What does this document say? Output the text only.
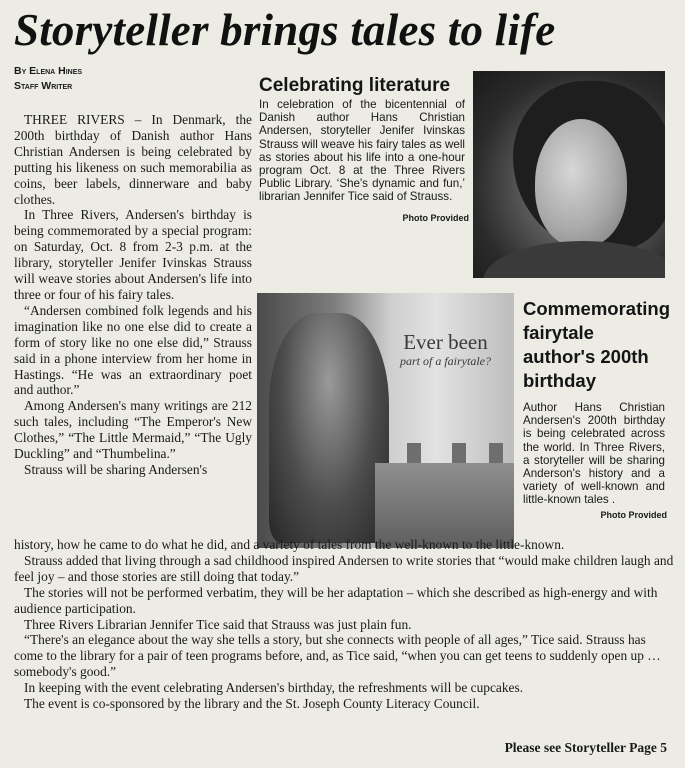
Storyteller brings tales to life
By Elena Hines
Staff Writer

THREE RIVERS – In Denmark, the 200th birthday of Danish author Hans Christian Andersen is being celebrated by putting his likeness on such memorabilia as coins, beer labels, dinnerware and baby clothes.

In Three Rivers, Andersen's birthday is being commemorated by a special program: on Saturday, Oct. 8 from 2-3 p.m. at the library, storyteller Jenifer Ivinskas Strauss will weave stories about Andersen's life into three or four of his fairy tales.

“Andersen combined folk legends and his imagination like no one else did to create a form of story like no one else did,” Strauss said in a phone interview from her home in Hastings. “He was an extraordinary poet and author.”

Among Andersen's many writings are 212 such tales, including “The Emperor's New Clothes,” “The Little Mermaid,” “The Ugly Duckling” and “Thumbelina.”

Strauss will be sharing Andersen's

Celebrating literature
In celebration of the bicentennial of Danish author Hans Christian Andersen, storyteller Jenifer Ivinskas Strauss will weave his fairy tales as well as stories about his life into a one-hour program Oct. 8 at the Three Rivers Public Library. ‘She's dynamic and fun,’ librarian Jennifer Tice said of Strauss.
Photo Provided
Ever been
part of a fairytale?
Commemorating fairytale author's 200th birthday
Author Hans Christian Andersen's 200th birthday is being celebrated across the world. In Three Rivers, a storyteller will be sharing Anderson's history and a variety of well-known and little-known tales .
Photo Provided

history, how he came to do what he did, and a variety of tales from the well-known to the little-known.

Strauss added that living through a sad childhood inspired Andersen to write stories that “would make children laugh and feel joy – and those stories are still doing that today.”

The stories will not be performed verbatim, they will be her adaptation – which she described as high-energy and with audience participation.

Three Rivers Librarian Jennifer Tice said that Strauss was just plain fun.

“There's an elegance about the way she tells a story, but she connects with people of all ages,” Tice said. Strauss has come to the library for a pair of teen programs before, and, as Tice said, “when you can get teens to suddenly open up … somebody's good.”

In keeping with the event celebrating Andersen's birthday, the refreshments will be cupcakes.

The event is co-sponsored by the library and the St. Joseph County Literacy Council.

Please see Storyteller Page 5
